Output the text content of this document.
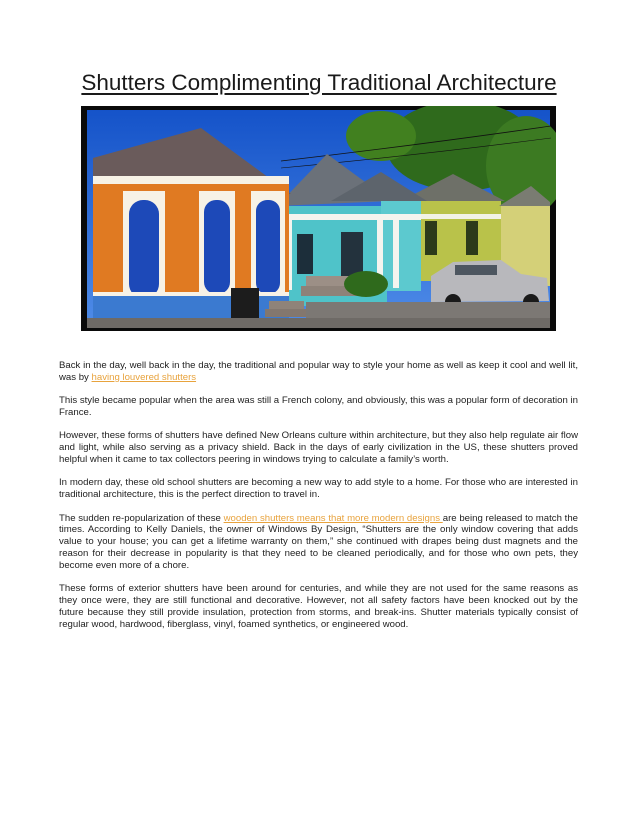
Shutters Complimenting Traditional Architecture

Back in the day, well back in the day, the traditional and popular way to style your home as well as keep it cool and well lit, was by having louvered shutters

This style became popular when the area was still a French colony, and obviously, this was a popular form of decoration in France.

However, these forms of shutters have defined New Orleans culture within architecture, but they also help regulate air flow and light, while also serving as a privacy shield. Back in the days of early civilization in the US, these shutters proved helpful when it came to tax collectors peering in windows trying to calculate a family’s worth.

In modern day, these old school shutters are becoming a new way to add style to a home. For those who are interested in traditional architecture, this is the perfect direction to travel in.

The sudden re-popularization of these wooden shutters means that more modern designs are being released to match the times. According to Kelly Daniels, the owner of Windows By Design, “Shutters are the only window covering that adds value to your house; you can get a lifetime warranty on them,” she continued with drapes being dust magnets and the reason for their decrease in popularity is that they need to be cleaned periodically, and for those who own pets, they become even more of a chore.

These forms of exterior shutters have been around for centuries, and while they are not used for the same reasons as they once were, they are still functional and decorative. However, not all safety factors have been knocked out by the future because they still provide insulation, protection from storms, and break-ins. Shutter materials typically consist of regular wood, hardwood, fiberglass, vinyl, foamed synthetics, or engineered wood.
